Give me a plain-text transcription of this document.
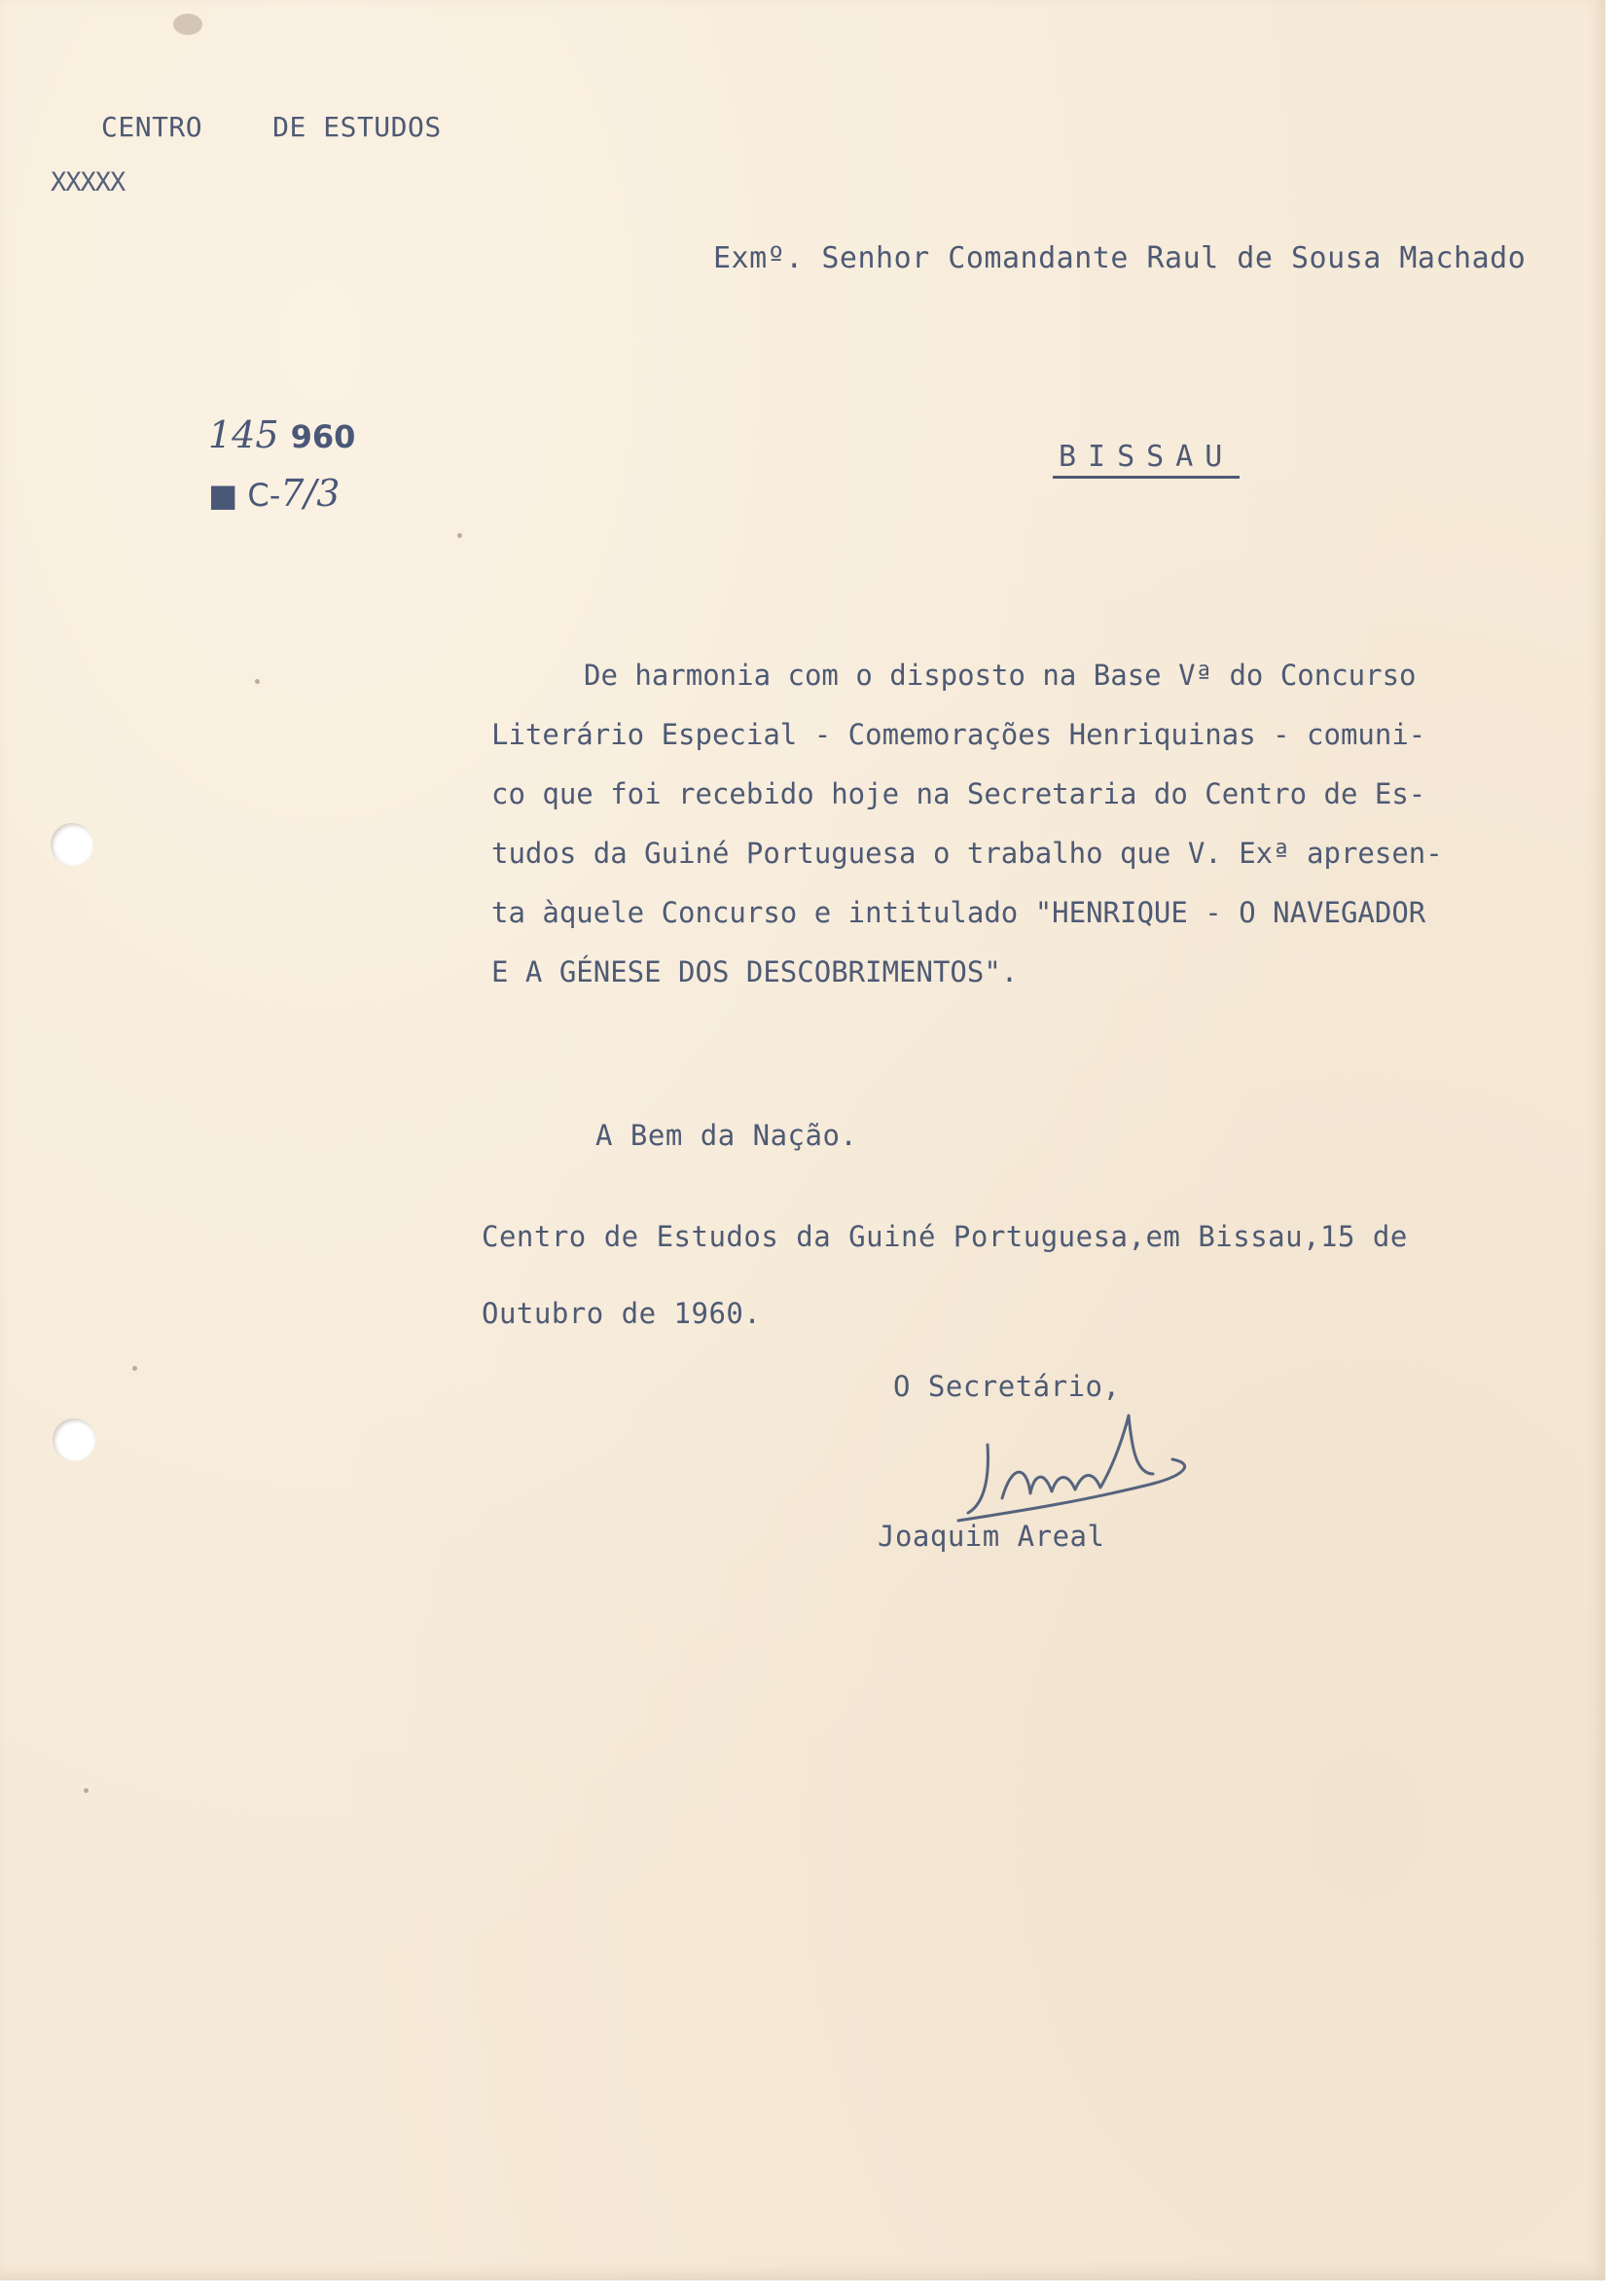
CENTRO	DE ESTUDOS

XXXXX

Exmº. Senhor Comandante Raul de Sousa Machado

145 960
■ C-7/3

BISSAU

De harmonia com o disposto na Base Vª do Concurso
Literário Especial - Comemorações Henriquinas - comuni-
co que foi recebido hoje na Secretaria do Centro de Es-
tudos da Guiné Portuguesa o trabalho que V. Exª apresen-
ta àquele Concurso e intitulado "HENRIQUE - O NAVEGADOR
E A GÉNESE DOS DESCOBRIMENTOS".

A Bem da Nação.

Centro de Estudos da Guiné Portuguesa,em Bissau,15 de
Outubro de 1960.

O Secretário,

Joaquim Areal
